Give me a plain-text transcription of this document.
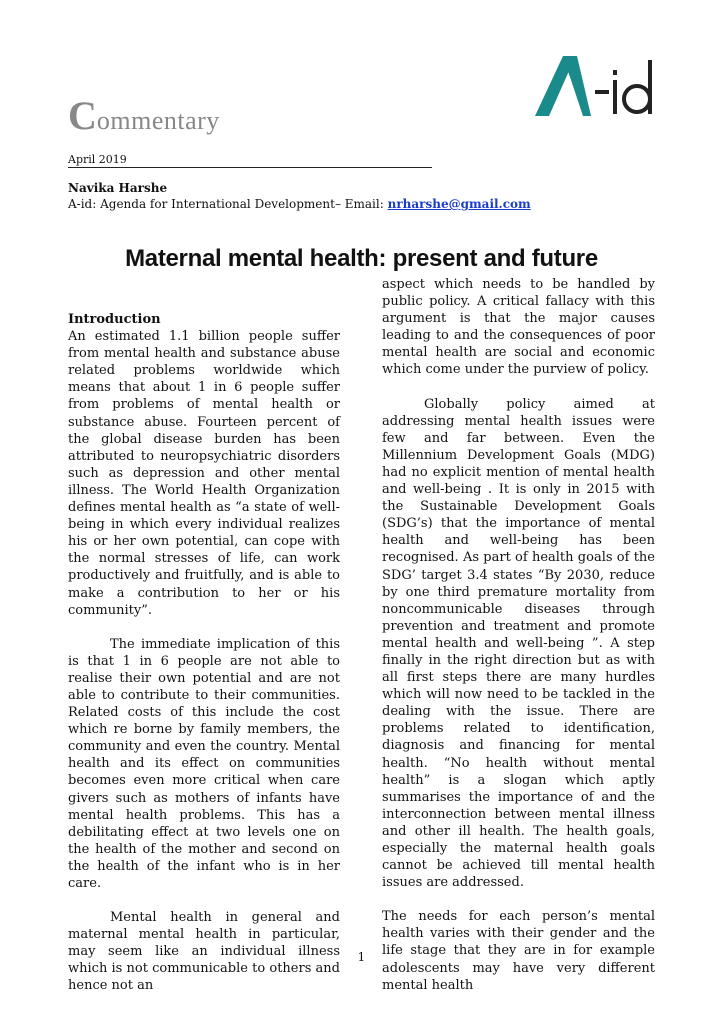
Commentary
April 2019
Navika Harshe
A-id: Agenda for International Development– Email: nrharshe@gmail.com
Maternal mental health: present and future

Introduction

An estimated 1.1 billion people suffer from mental health and substance abuse related problems worldwide which means that about 1 in 6 people suffer from problems of mental health or substance abuse. Fourteen percent of the global disease burden has been attributed to neuropsychiatric disorders such as depression and other mental illness. The World Health Organization defines mental health as “a state of well-being in which every individual realizes his or her own potential, can cope with the normal stresses of life, can work productively and fruitfully, and is able to make a contribution to her or his community”.

The immediate implication of this is that 1 in 6 people are not able to realise their own potential and are not able to contribute to their communities. Related costs of this include the cost which re borne by family members, the community and even the country. Mental health and its effect on communities becomes even more critical when care givers such as mothers of infants have mental health problems. This has a debilitating effect at two levels one on the health of the mother and second on the health of the infant who is in her care.

Mental health in general and maternal mental health in particular, may seem like an individual illness which is not communicable to others and hence not an

aspect which needs to be handled by public policy. A critical fallacy with this argument is that the major causes leading to and the consequences of poor mental health are social and economic which come under the purview of policy.

Globally policy aimed at addressing mental health issues were few and far between. Even the Millennium Development Goals (MDG) had no explicit mention of mental health and well-being . It is only in 2015 with the Sustainable Development Goals (SDG’s) that the importance of mental health and well-being has been recognised. As part of health goals of the SDG’ target 3.4 states “By 2030, reduce by one third premature mortality from noncommunicable diseases through prevention and treatment and promote mental health and well-being ”. A step finally in the right direction but as with all first steps there are many hurdles which will now need to be tackled in the dealing with the issue. There are problems related to identification, diagnosis and financing for mental health. “No health without mental health” is a slogan which aptly summarises the importance of and the interconnection between mental illness and other ill health. The health goals, especially the maternal health goals cannot be achieved till mental health issues are addressed.

The needs for each person’s mental health varies with their gender and the life stage that they are in for example adolescents may have very different mental health

1
